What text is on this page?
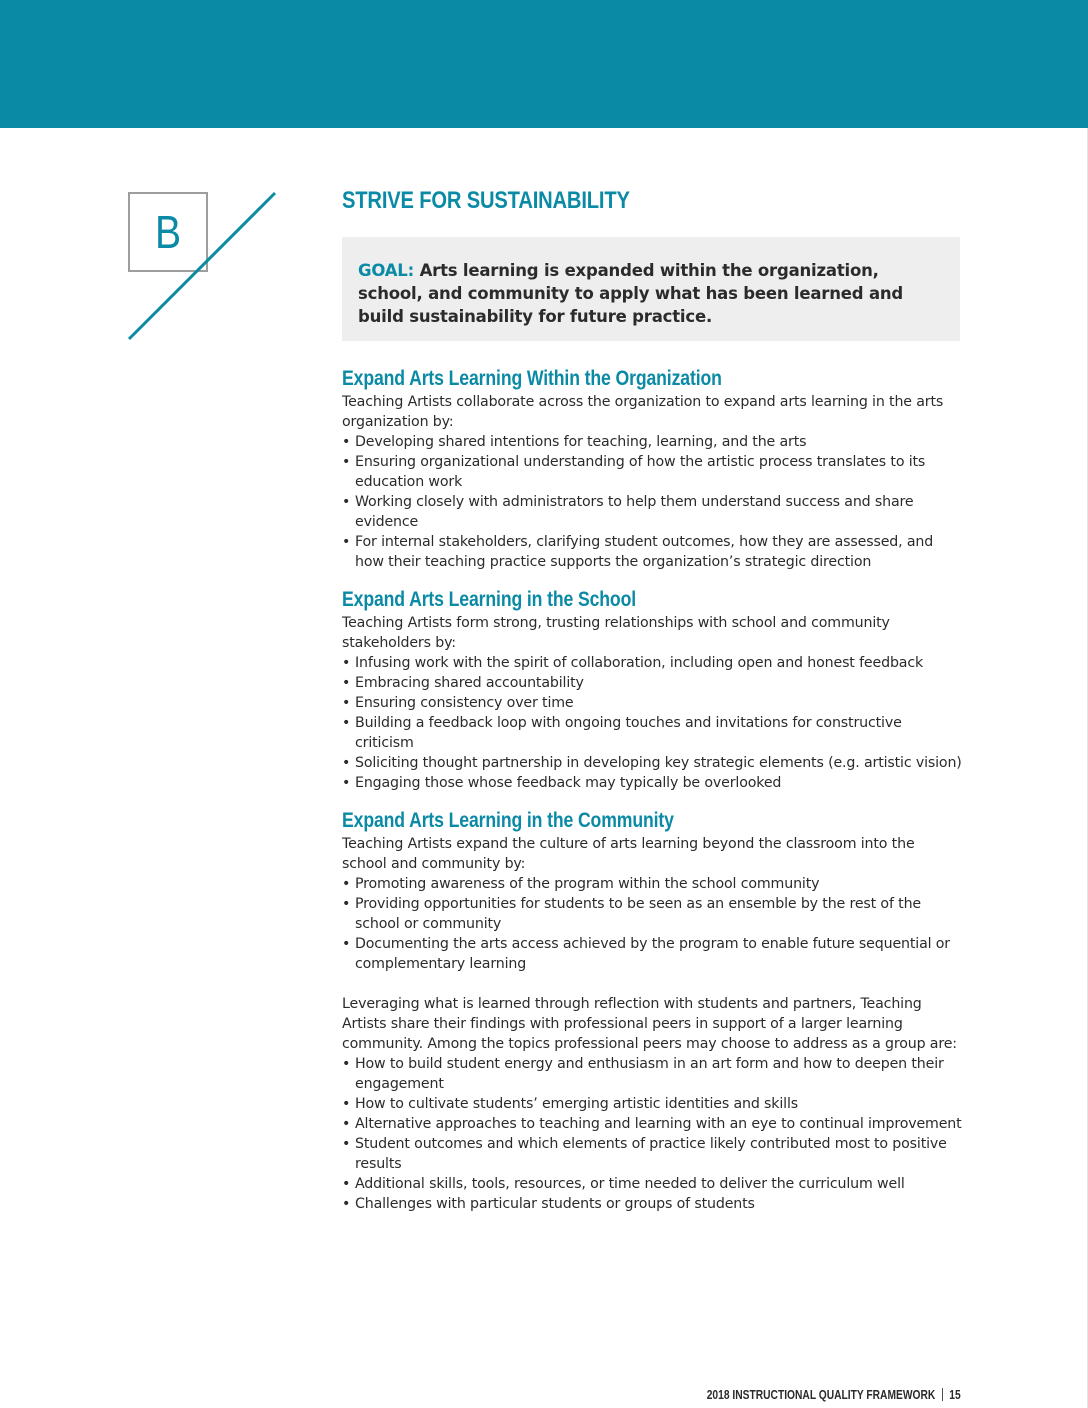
B
STRIVE FOR SUSTAINABILITY

GOAL: Arts learning is expanded within the organization, school, and community to apply what has been learned and build sustainability for future practice.

Expand Arts Learning Within the Organization

Teaching Artists collaborate across the organization to expand arts learning in the arts organization by:

• Developing shared intentions for teaching, learning, and the arts
• Ensuring organizational understanding of how the artistic process translates to its education work
• Working closely with administrators to help them understand success and share evidence
• For internal stakeholders, clarifying student outcomes, how they are assessed, and how their teaching practice supports the organization’s strategic direction
Expand Arts Learning in the School

Teaching Artists form strong, trusting relationships with school and community stakeholders by:

• Infusing work with the spirit of collaboration, including open and honest feedback
• Embracing shared accountability
• Ensuring consistency over time
• Building a feedback loop with ongoing touches and invitations for constructive criticism
• Soliciting thought partnership in developing key strategic elements (e.g. artistic vision)
• Engaging those whose feedback may typically be overlooked
Expand Arts Learning in the Community

Teaching Artists expand the culture of arts learning beyond the classroom into the school and community by:

• Promoting awareness of the program within the school community
• Providing opportunities for students to be seen as an ensemble by the rest of the school or community
• Documenting the arts access achieved by the program to enable future sequential or complementary learning

Leveraging what is learned through reflection with students and partners, Teaching Artists share their findings with professional peers in support of a larger learning community. Among the topics professional peers may choose to address as a group are:

• How to build student energy and enthusiasm in an art form and how to deepen their engagement
• How to cultivate students’ emerging artistic identities and skills
• Alternative approaches to teaching and learning with an eye to continual improvement
• Student outcomes and which elements of practice likely contributed most to positive results
• Additional skills, tools, resources, or time needed to deliver the curriculum well
• Challenges with particular students or groups of students

2018 INSTRUCTIONAL QUALITY FRAMEWORK 15
